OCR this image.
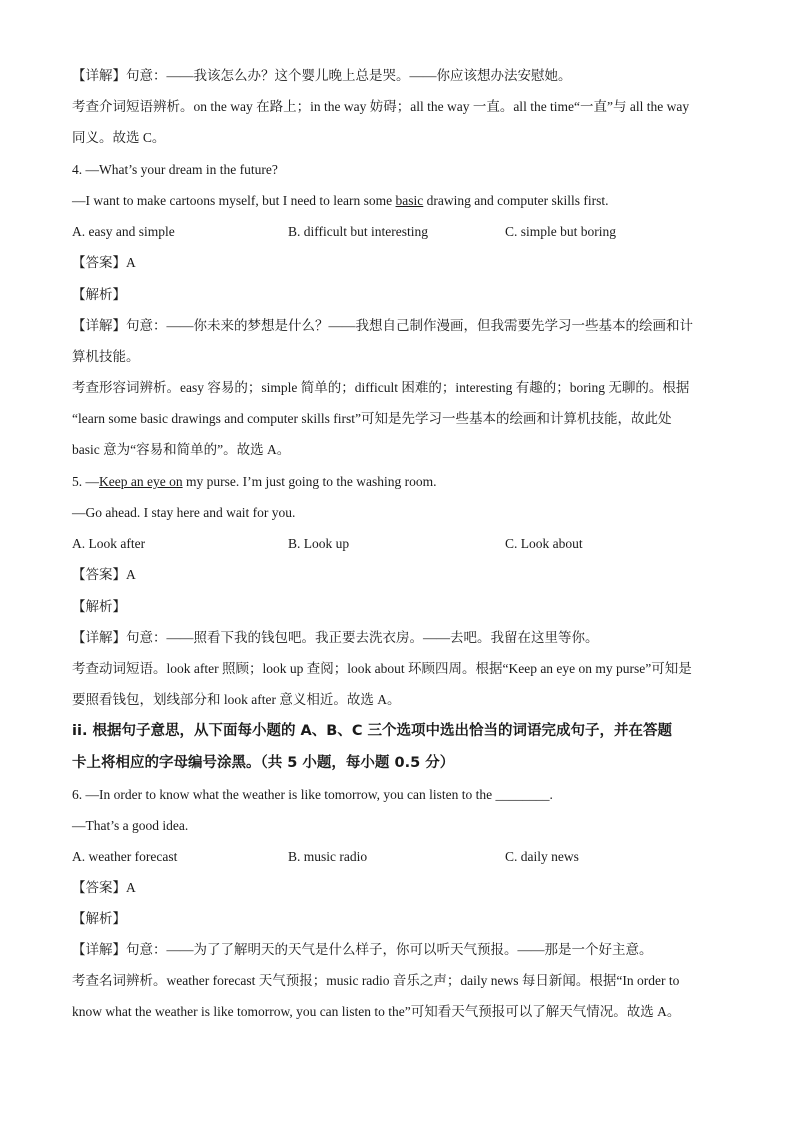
【详解】句意：——我该怎么办？这个婴儿晚上总是哭。——你应该想办法安慰她。
考查介词短语辨析。on the way 在路上；in the way 妨碍；all the way 一直。all the time“一直”与 all the way
同义。故选 C。
4. —What’s your dream in the future?
—I want to make cartoons myself, but I need to learn some basic drawing and computer skills first.
A. easy and simple	B. difficult but interesting	C. simple but boring
【答案】A
【解析】
【详解】句意：——你未来的梦想是什么？——我想自己制作漫画，但我需要先学习一些基本的绘画和计
算机技能。
考查形容词辨析。easy 容易的；simple 简单的；difficult 困难的；interesting 有趣的；boring 无聊的。根据
“learn some basic drawings and computer skills first”可知是先学习一些基本的绘画和计算机技能，故此处
basic 意为“容易和简单的”。故选 A。
5. —Keep an eye on my purse. I’m just going to the washing room.
—Go ahead. I stay here and wait for you.
A. Look after	B. Look up	C. Look about
【答案】A
【解析】
【详解】句意：——照看下我的钱包吧。我正要去洗衣房。——去吧。我留在这里等你。
考查动词短语。look after 照顾；look up 查阅；look about 环顾四周。根据“Keep an eye on my purse”可知是
要照看钱包，划线部分和 look after 意义相近。故选 A。
ii. 根据句子意思，从下面每小题的 A、B、C 三个选项中选出恰当的词语完成句子，并在答题
卡上将相应的字母编号涂黑。（共 5 小题，每小题 0.5 分）
6. —In order to know what the weather is like tomorrow, you can listen to the ________.
—That’s a good idea.
A. weather forecast	B. music radio	C. daily news
【答案】A
【解析】
【详解】句意：——为了了解明天的天气是什么样子，你可以听天气预报。——那是一个好主意。
考查名词辨析。weather forecast 天气预报；music radio 音乐之声；daily news 每日新闻。根据“In order to
know what the weather is like tomorrow, you can listen to the”可知看天气预报可以了解天气情况。故选 A。
